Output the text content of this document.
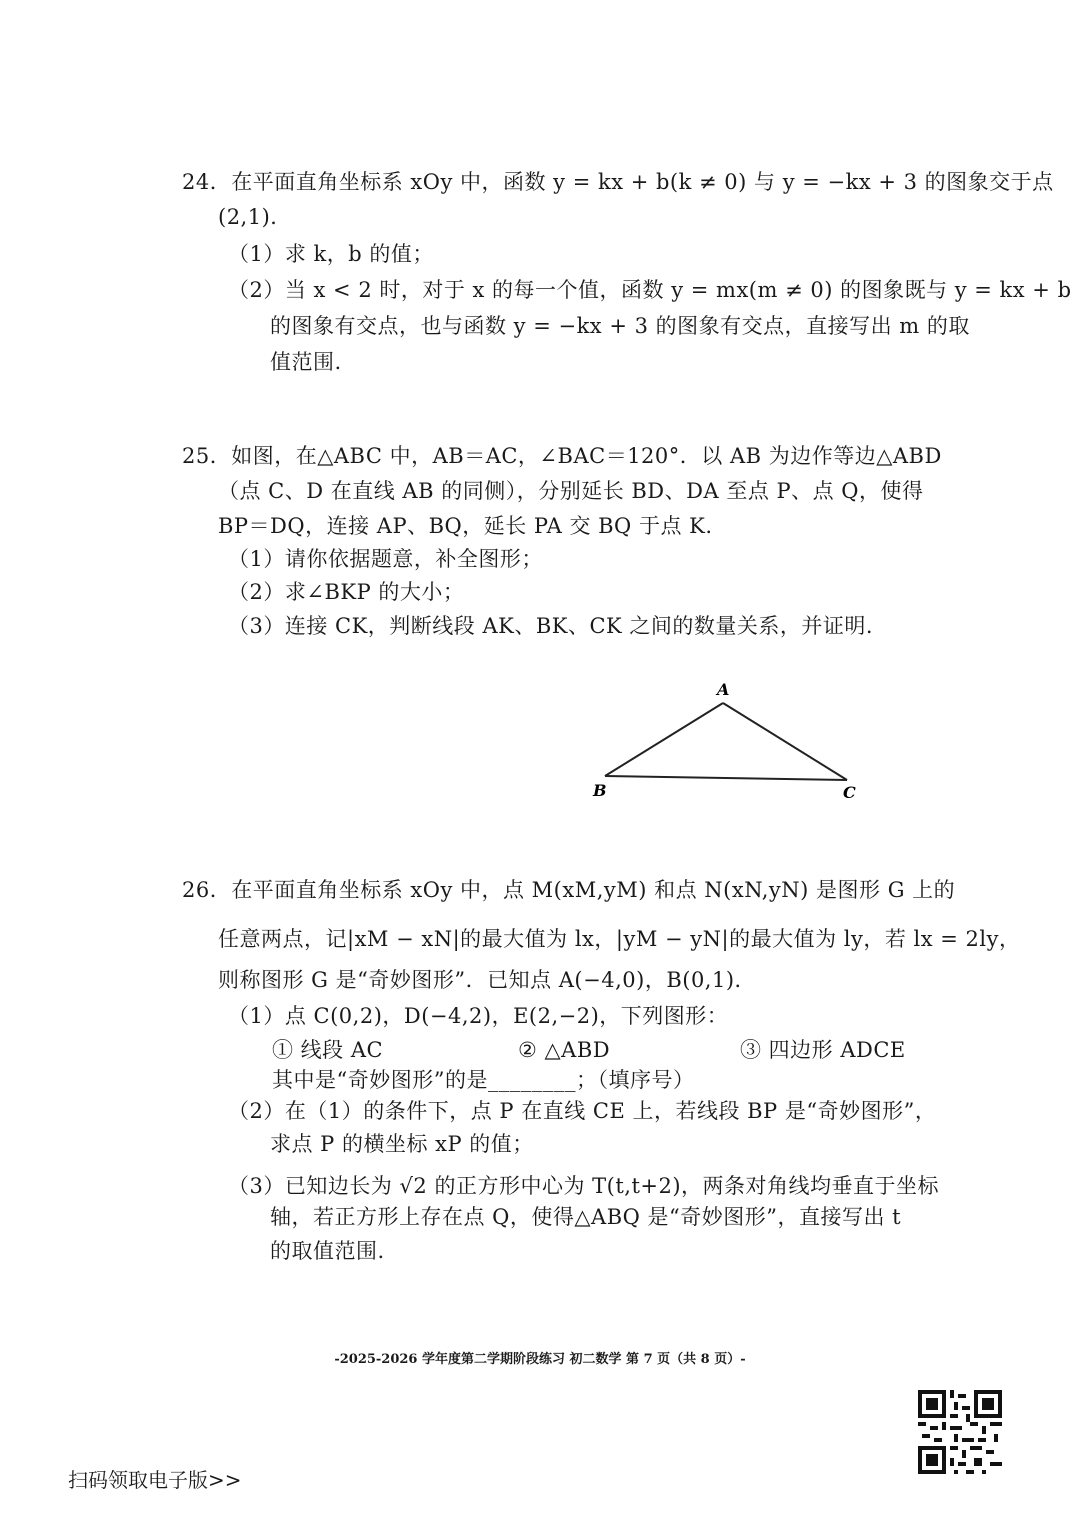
24．在平面直角坐标系 xOy 中，函数 y = kx + b(k ≠ 0) 与 y = −kx + 3 的图象交于点
(2,1)．
（1）求 k，b 的值；
（2）当 x < 2 时，对于 x 的每一个值，函数 y = mx(m ≠ 0) 的图象既与 y = kx + b
的图象有交点，也与函数 y = −kx + 3 的图象有交点，直接写出 m 的取
值范围.
25．如图，在△ABC 中，AB＝AC，∠BAC＝120°．以 AB 为边作等边△ABD
（点 C、D 在直线 AB 的同侧），分别延长 BD、DA 至点 P、点 Q，使得
BP＝DQ，连接 AP、BQ，延长 PA 交 BQ 于点 K.
（1）请你依据题意，补全图形；
（2）求∠BKP 的大小；
（3）连接 CK，判断线段 AK、BK、CK 之间的数量关系，并证明.
A
B	C
26．在平面直角坐标系 xOy 中，点 M(xM,yM) 和点 N(xN,yN) 是图形 G 上的
任意两点，记|xM − xN|的最大值为 lx，|yM − yN|的最大值为 ly，若 lx = 2ly，
则称图形 G 是“奇妙图形”．已知点 A(−4,0)，B(0,1)．
（1）点 C(0,2)，D(−4,2)，E(2,−2)，下列图形：
① 线段 AC	② △ABD	③ 四边形 ADCE
其中是“奇妙图形”的是________；（填序号）
（2）在（1）的条件下，点 P 在直线 CE 上，若线段 BP 是“奇妙图形”，
求点 P 的横坐标 xP 的值；
（3）已知边长为 √2 的正方形中心为 T(t,t+2)，两条对角线均垂直于坐标
轴，若正方形上存在点 Q，使得△ABQ 是“奇妙图形”，直接写出 t
的取值范围.
-2025-2026 学年度第二学期阶段练习 初二数学 第 7 页（共 8 页）-
扫码领取电子版>>
